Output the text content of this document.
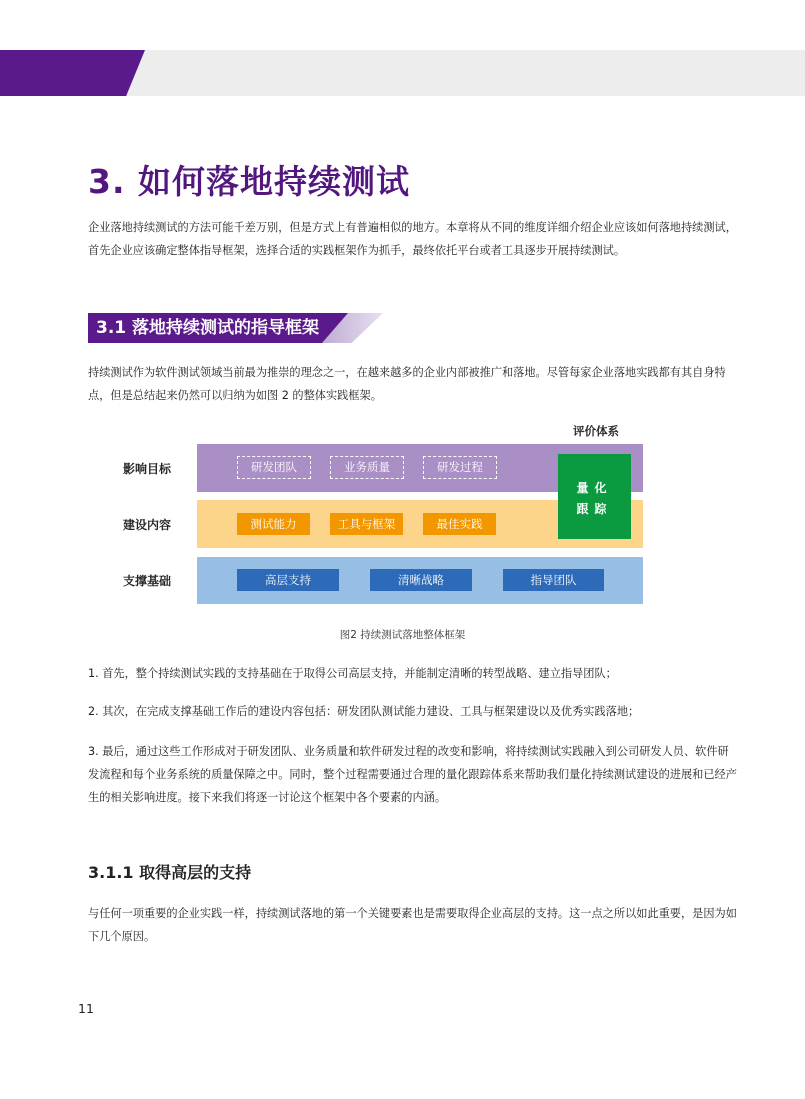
3. 如何落地持续测试
企业落地持续测试的方法可能千差万别，但是方式上有普遍相似的地方。本章将从不同的维度详细介绍企业应该如何落地持续测试，首先企业应该确定整体指导框架，选择合适的实践框架作为抓手，最终依托平台或者工具逐步开展持续测试。
3.1 落地持续测试的指导框架
持续测试作为软件测试领域当前最为推崇的理念之一，在越来越多的企业内部被推广和落地。尽管每家企业落地实践都有其自身特点，但是总结起来仍然可以归纳为如图 2 的整体实践框架。
评价体系
影响目标
建设内容
支撑基础
研发团队	业务质量	研发过程
测试能力	工具与框架	最佳实践
高层支持	清晰战略	指导团队
量化
跟踪
图2 持续测试落地整体框架
1. 首先，整个持续测试实践的支持基础在于取得公司高层支持，并能制定清晰的转型战略、建立指导团队；
2. 其次，在完成支撑基础工作后的建设内容包括：研发团队测试能力建设、工具与框架建设以及优秀实践落地；
3. 最后，通过这些工作形成对于研发团队、业务质量和软件研发过程的改变和影响，将持续测试实践融入到公司研发人员、软件研发流程和每个业务系统的质量保障之中。同时，整个过程需要通过合理的量化跟踪体系来帮助我们量化持续测试建设的进展和已经产生的相关影响进度。接下来我们将逐一讨论这个框架中各个要素的内涵。
3.1.1 取得高层的支持
与任何一项重要的企业实践一样，持续测试落地的第一个关键要素也是需要取得企业高层的支持。这一点之所以如此重要，是因为如下几个原因。
11
